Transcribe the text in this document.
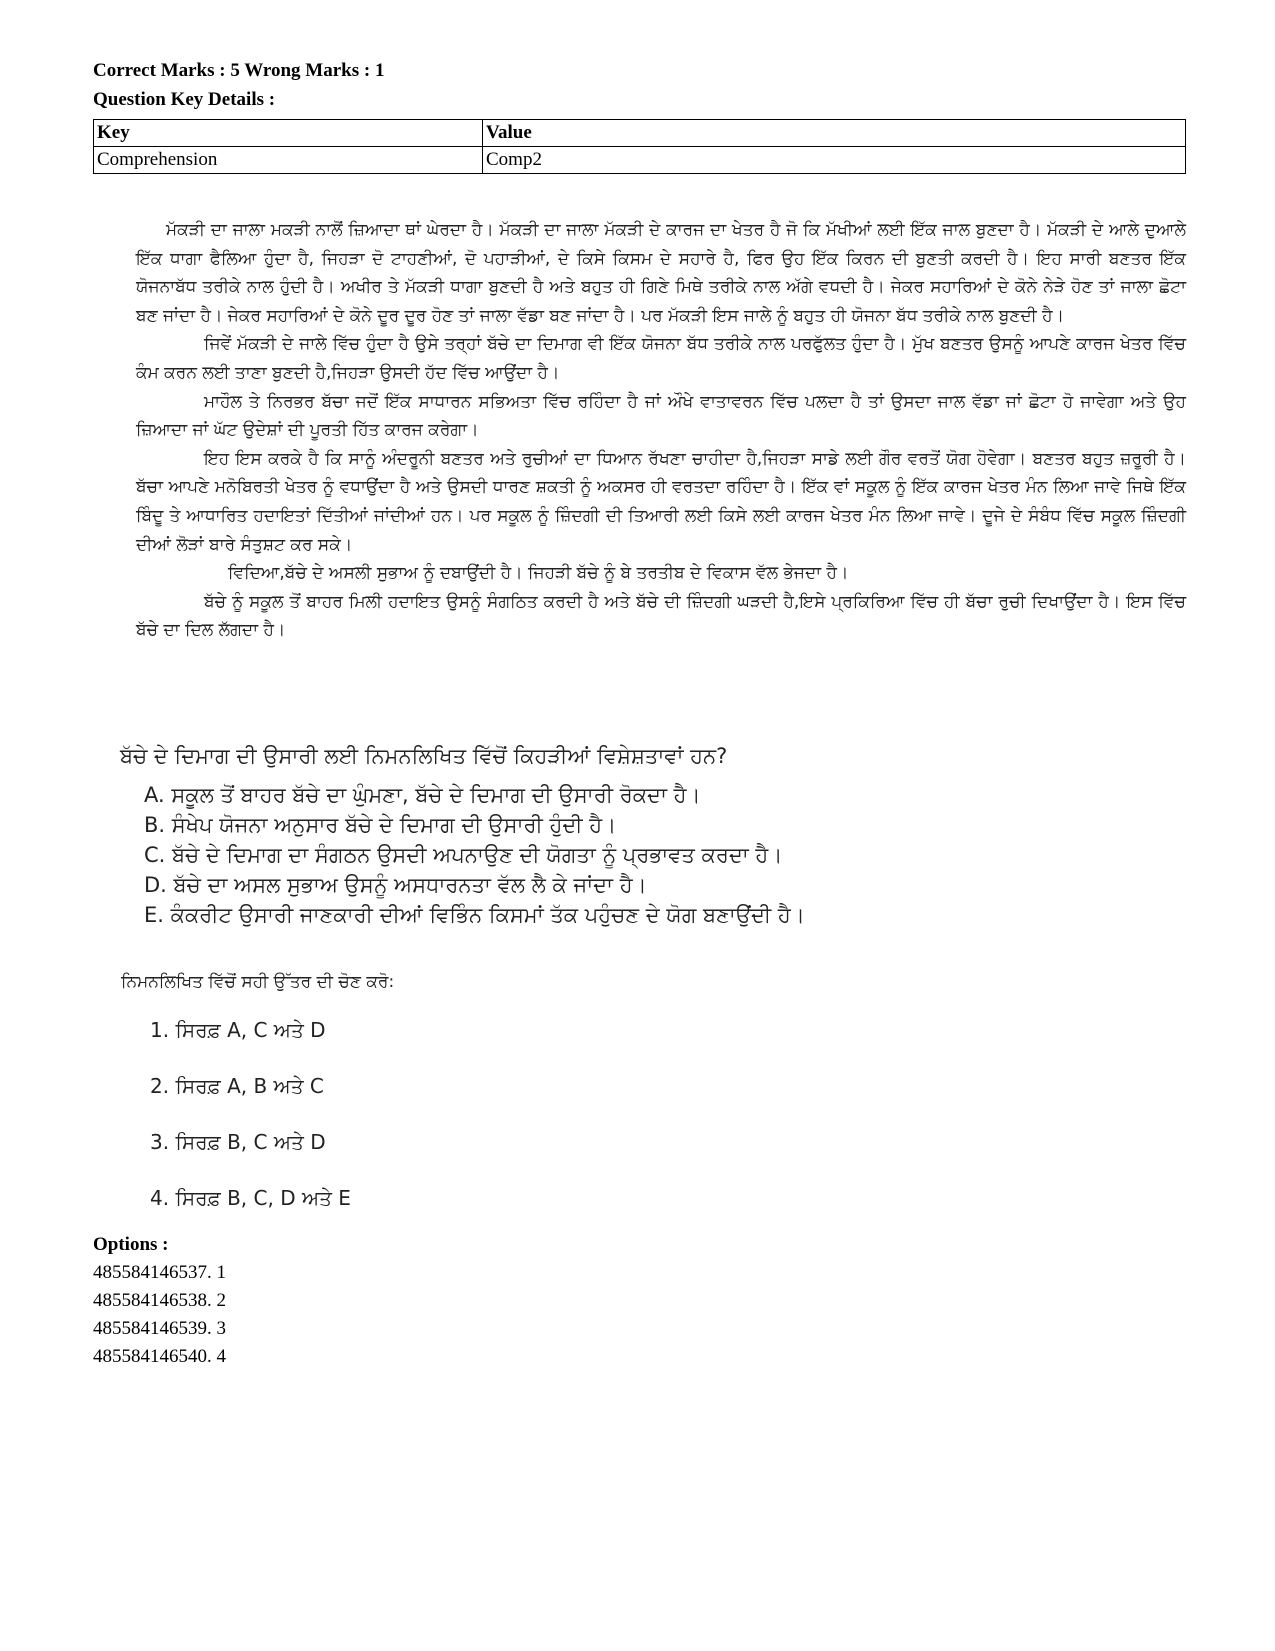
Correct Marks : 5 Wrong Marks : 1
Question Key Details :
Key	Value
Comprehension	Comp2

ਮੱਕੜੀ ਦਾ ਜਾਲਾ ਮਕੜੀ ਨਾਲੋਂ ਜ਼ਿਆਦਾ ਥਾਂ ਘੇਰਦਾ ਹੈ। ਮੱਕੜੀ ਦਾ ਜਾਲਾ ਮੱਕੜੀ ਦੇ ਕਾਰਜ ਦਾ ਖੇਤਰ ਹੈ ਜੋ ਕਿ ਮੱਖੀਆਂ ਲਈ ਇੱਕ ਜਾਲ ਬੁਣਦਾ ਹੈ। ਮੱਕੜੀ ਦੇ ਆਲੇ ਦੁਆਲੇ ਇੱਕ ਧਾਗਾ ਫੈਲਿਆ ਹੁੰਦਾ ਹੈ, ਜਿਹੜਾ ਦੋ ਟਾਹਣੀਆਂ, ਦੋ ਪਹਾੜੀਆਂ, ਦੇ ਕਿਸੇ ਕਿਸਮ ਦੇ ਸਹਾਰੇ ਹੈ, ਫਿਰ ਉਹ ਇੱਕ ਕਿਰਨ ਦੀ ਬੁਣਤੀ ਕਰਦੀ ਹੈ। ਇਹ ਸਾਰੀ ਬਣਤਰ ਇੱਕ ਯੋਜਨਾਬੱਧ ਤਰੀਕੇ ਨਾਲ ਹੁੰਦੀ ਹੈ। ਅਖੀਰ ਤੇ ਮੱਕੜੀ ਧਾਗਾ ਬੁਣਦੀ ਹੈ ਅਤੇ ਬਹੁਤ ਹੀ ਗਿਣੇ ਮਿਥੇ ਤਰੀਕੇ ਨਾਲ ਅੱਗੇ ਵਧਦੀ ਹੈ। ਜੇਕਰ ਸਹਾਰਿਆਂ ਦੇ ਕੋਨੇ ਨੇੜੇ ਹੋਣ ਤਾਂ ਜਾਲਾ ਛੋਟਾ ਬਣ ਜਾਂਦਾ ਹੈ। ਜੇਕਰ ਸਹਾਰਿਆਂ ਦੇ ਕੋਨੇ ਦੂਰ ਦੂਰ ਹੋਣ ਤਾਂ ਜਾਲਾ ਵੱਡਾ ਬਣ ਜਾਂਦਾ ਹੈ। ਪਰ ਮੱਕੜੀ ਇਸ ਜਾਲੇ ਨੂੰ ਬਹੁਤ ਹੀ ਯੋਜਨਾ ਬੱਧ ਤਰੀਕੇ ਨਾਲ ਬੁਣਦੀ ਹੈ।

ਜਿਵੇਂ ਮੱਕੜੀ ਦੇ ਜਾਲੇ ਵਿੱਚ ਹੁੰਦਾ ਹੈ ਉਸੇ ਤਰ੍ਹਾਂ ਬੱਚੇ ਦਾ ਦਿਮਾਗ ਵੀ ਇੱਕ ਯੋਜਨਾ ਬੱਧ ਤਰੀਕੇ ਨਾਲ ਪਰਫੁੱਲਤ ਹੁੰਦਾ ਹੈ। ਮੁੱਖ ਬਣਤਰ ਉਸਨੂੰ ਆਪਣੇ ਕਾਰਜ ਖੇਤਰ ਵਿੱਚ ਕੰਮ ਕਰਨ ਲਈ ਤਾਣਾ ਬੁਣਦੀ ਹੈ,ਜਿਹੜਾ ਉਸਦੀ ਹੱਦ ਵਿੱਚ ਆਉਂਦਾ ਹੈ।

ਮਾਹੌਲ ਤੇ ਨਿਰਭਰ ਬੱਚਾ ਜਦੋਂ ਇੱਕ ਸਾਧਾਰਨ ਸਭਿਅਤਾ ਵਿੱਚ ਰਹਿੰਦਾ ਹੈ ਜਾਂ ਔਖੇ ਵਾਤਾਵਰਨ ਵਿੱਚ ਪਲਦਾ ਹੈ ਤਾਂ ਉਸਦਾ ਜਾਲ ਵੱਡਾ ਜਾਂ ਛੋਟਾ ਹੋ ਜਾਵੇਗਾ ਅਤੇ ਉਹ ਜ਼ਿਆਦਾ ਜਾਂ ਘੱਟ ਉਦੇਸ਼ਾਂ ਦੀ ਪੂਰਤੀ ਹਿੱਤ ਕਾਰਜ ਕਰੇਗਾ।

ਇਹ ਇਸ ਕਰਕੇ ਹੈ ਕਿ ਸਾਨੂੰ ਅੰਦਰੂਨੀ ਬਣਤਰ ਅਤੇ ਰੁਚੀਆਂ ਦਾ ਧਿਆਨ ਰੱਖਣਾ ਚਾਹੀਦਾ ਹੈ,ਜਿਹੜਾ ਸਾਡੇ ਲਈ ਗੌਰ ਵਰਤੋਂ ਯੋਗ ਹੋਵੇਗਾ। ਬਣਤਰ ਬਹੁਤ ਜ਼ਰੂਰੀ ਹੈ। ਬੱਚਾ ਆਪਣੇ ਮਨੋਬਿਰਤੀ ਖੇਤਰ ਨੂੰ ਵਧਾਉਂਦਾ ਹੈ ਅਤੇ ਉਸਦੀ ਧਾਰਣ ਸ਼ਕਤੀ ਨੂੰ ਅਕਸਰ ਹੀ ਵਰਤਦਾ ਰਹਿੰਦਾ ਹੈ। ਇੱਕ ਵਾਂ ਸਕੂਲ ਨੂੰ ਇੱਕ ਕਾਰਜ ਖੇਤਰ ਮੰਨ ਲਿਆ ਜਾਵੇ ਜਿਥੇ ਇੱਕ ਬਿੰਦੂ ਤੇ ਆਧਾਰਿਤ ਹਦਾਇਤਾਂ ਦਿੱਤੀਆਂ ਜਾਂਦੀਆਂ ਹਨ। ਪਰ ਸਕੂਲ ਨੂੰ ਜ਼ਿੰਦਗੀ ਦੀ ਤਿਆਰੀ ਲਈ ਕਿਸੇ ਲਈ ਕਾਰਜ ਖੇਤਰ ਮੰਨ ਲਿਆ ਜਾਵੇ। ਦੂਜੇ ਦੇ ਸੰਬੰਧ ਵਿੱਚ ਸਕੂਲ ਜ਼ਿੰਦਗੀ ਦੀਆਂ ਲੋੜਾਂ ਬਾਰੇ ਸੰਤੁਸ਼ਟ ਕਰ ਸਕੇ।

ਵਿਦਿਆ,ਬੱਚੇ ਦੇ ਅਸਲੀ ਸੁਭਾਅ ਨੂੰ ਦਬਾਉਂਦੀ ਹੈ। ਜਿਹੜੀ ਬੱਚੇ ਨੂੰ ਬੇ ਤਰਤੀਬ ਦੇ ਵਿਕਾਸ ਵੱਲ ਭੇਜਦਾ ਹੈ।

ਬੱਚੇ ਨੂੰ ਸਕੂਲ ਤੋਂ ਬਾਹਰ ਮਿਲੀ ਹਦਾਇਤ ਉਸਨੂੰ ਸੰਗਠਿਤ ਕਰਦੀ ਹੈ ਅਤੇ ਬੱਚੇ ਦੀ ਜ਼ਿੰਦਗੀ ਘੜਦੀ ਹੈ,ਇਸੇ ਪ੍ਰਕਿਰਿਆ ਵਿੱਚ ਹੀ ਬੱਚਾ ਰੁਚੀ ਦਿਖਾਉਂਦਾ ਹੈ। ਇਸ ਵਿੱਚ ਬੱਚੇ ਦਾ ਦਿਲ ਲੱਗਦਾ ਹੈ।

ਬੱਚੇ ਦੇ ਦਿਮਾਗ ਦੀ ਉਸਾਰੀ ਲਈ ਨਿਮਨਲਿਖਿਤ ਵਿੱਚੋਂ ਕਿਹੜੀਆਂ ਵਿਸ਼ੇਸ਼ਤਾਵਾਂ ਹਨ?
A. ਸਕੂਲ ਤੋਂ ਬਾਹਰ ਬੱਚੇ ਦਾ ਘੁੰਮਣਾ, ਬੱਚੇ ਦੇ ਦਿਮਾਗ ਦੀ ਉਸਾਰੀ ਰੋਕਦਾ ਹੈ।
B. ਸੰਖੇਪ ਯੋਜਨਾ ਅਨੁਸਾਰ ਬੱਚੇ ਦੇ ਦਿਮਾਗ ਦੀ ਉਸਾਰੀ ਹੁੰਦੀ ਹੈ।
C. ਬੱਚੇ ਦੇ ਦਿਮਾਗ ਦਾ ਸੰਗਠਨ ਉਸਦੀ ਅਪਨਾਉਣ ਦੀ ਯੋਗਤਾ ਨੂੰ ਪ੍ਰਭਾਵਤ ਕਰਦਾ ਹੈ।
D. ਬੱਚੇ ਦਾ ਅਸਲ ਸੁਭਾਅ ਉਸਨੂੰ ਅਸਧਾਰਨਤਾ ਵੱਲ ਲੈ ਕੇ ਜਾਂਦਾ ਹੈ।
E. ਕੰਕਰੀਟ ਉਸਾਰੀ ਜਾਣਕਾਰੀ ਦੀਆਂ ਵਿਭਿੰਨ ਕਿਸਮਾਂ ਤੱਕ ਪਹੁੰਚਣ ਦੇ ਯੋਗ ਬਣਾਉਂਦੀ ਹੈ।
ਨਿਮਨਲਿਖਿਤ ਵਿੱਚੋਂ ਸਹੀ ਉੱਤਰ ਦੀ ਚੋਣ ਕਰੋ:
1. ਸਿਰਫ਼ A, C ਅਤੇ D
2. ਸਿਰਫ਼ A, B ਅਤੇ C
3. ਸਿਰਫ਼ B, C ਅਤੇ D
4. ਸਿਰਫ਼ B, C, D ਅਤੇ E
Options :
485584146537. 1
485584146538. 2
485584146539. 3
485584146540. 4
